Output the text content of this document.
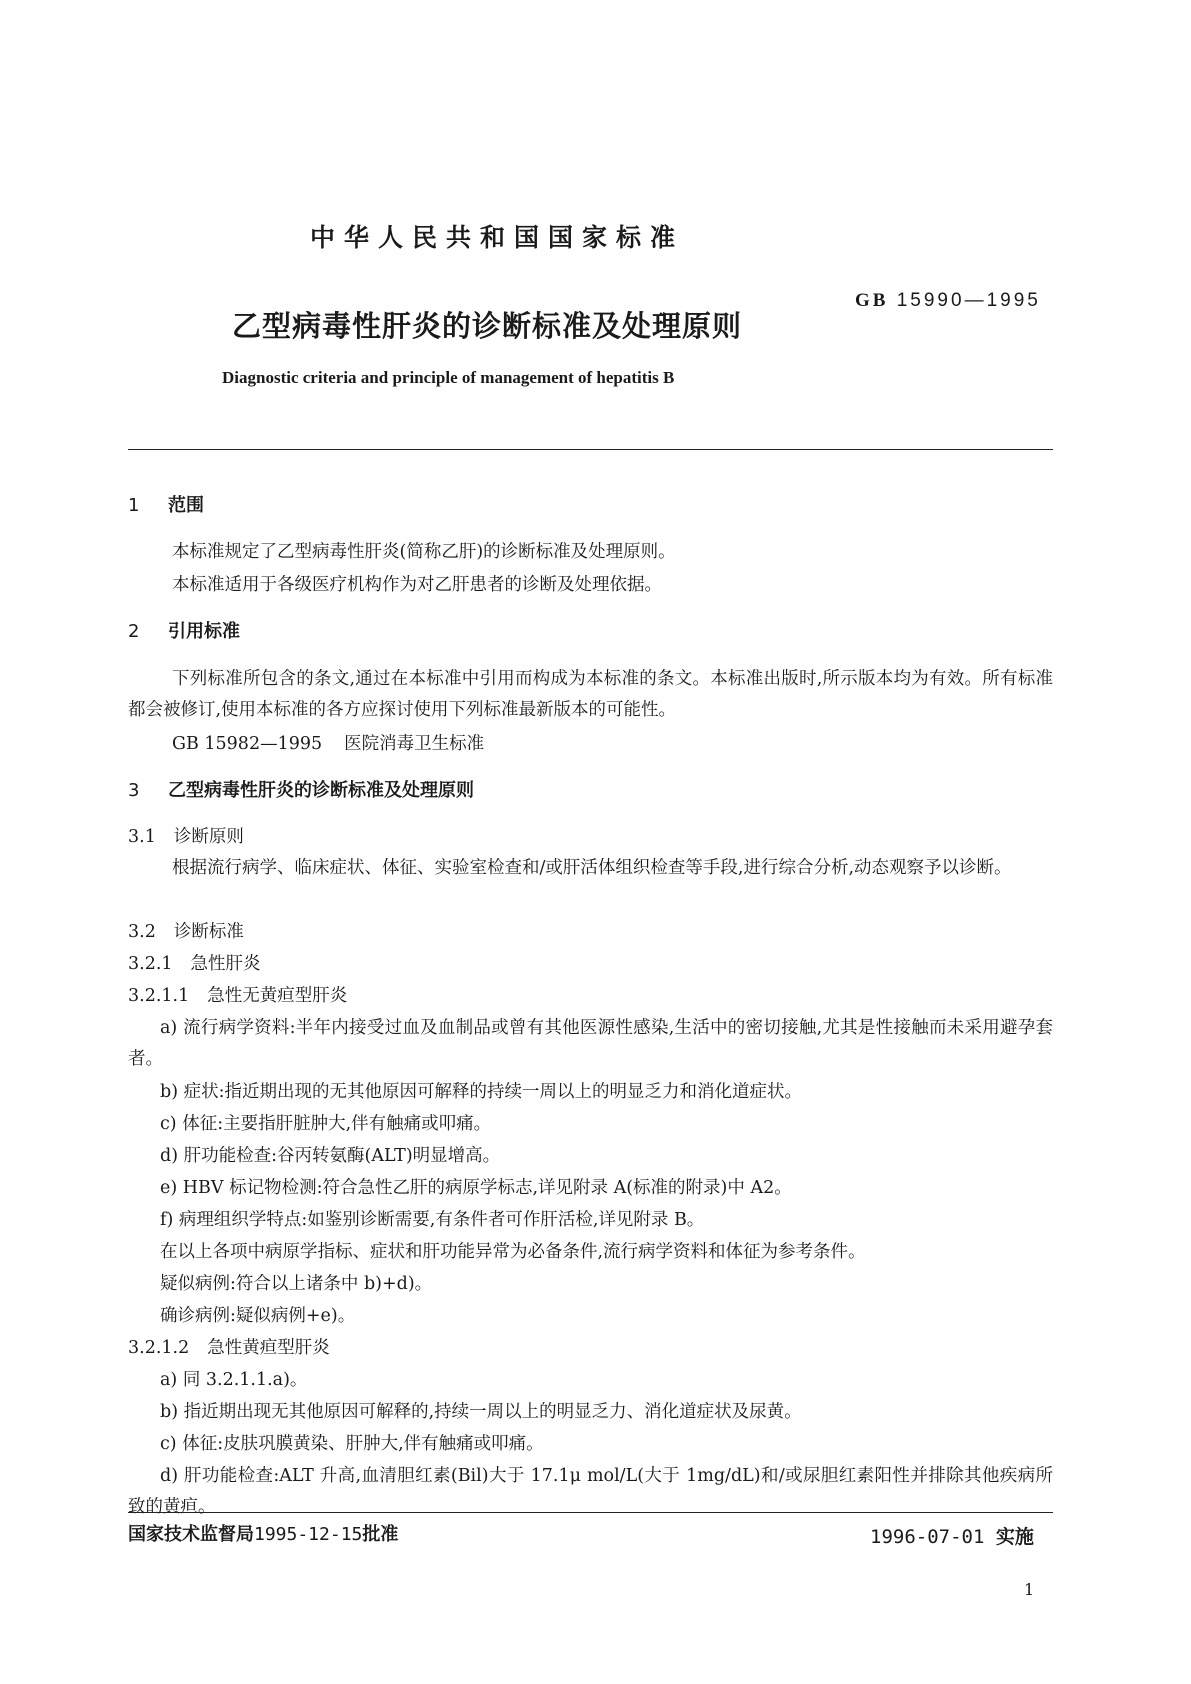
中华人民共和国国家标准
GB 15990—1995
乙型病毒性肝炎的诊断标准及处理原则
Diagnostic criteria and principle of management of hepatitis B
1 范围
本标准规定了乙型病毒性肝炎(简称乙肝)的诊断标准及处理原则。
本标准适用于各级医疗机构作为对乙肝患者的诊断及处理依据。
2 引用标准
下列标准所包含的条文,通过在本标准中引用而构成为本标准的条文。本标准出版时,所示版本均为有效。所有标准都会被修订,使用本标准的各方应探讨使用下列标准最新版本的可能性。
GB 15982—1995 医院消毒卫生标准
3 乙型病毒性肝炎的诊断标准及处理原则
3.1 诊断原则
根据流行病学、临床症状、体征、实验室检查和/或肝活体组织检查等手段,进行综合分析,动态观察予以诊断。
3.2 诊断标准
3.2.1 急性肝炎
3.2.1.1 急性无黄疸型肝炎
a) 流行病学资料:半年内接受过血及血制品或曾有其他医源性感染,生活中的密切接触,尤其是性接触而未采用避孕套者。
b) 症状:指近期出现的无其他原因可解释的持续一周以上的明显乏力和消化道症状。
c) 体征:主要指肝脏肿大,伴有触痛或叩痛。
d) 肝功能检查:谷丙转氨酶(ALT)明显增高。
e) HBV 标记物检测:符合急性乙肝的病原学标志,详见附录 A(标准的附录)中 A2。
f) 病理组织学特点:如鉴别诊断需要,有条件者可作肝活检,详见附录 B。
在以上各项中病原学指标、症状和肝功能异常为必备条件,流行病学资料和体征为参考条件。
疑似病例:符合以上诸条中 b)+d)。
确诊病例:疑似病例+e)。
3.2.1.2 急性黄疸型肝炎
a) 同 3.2.1.1.a)。
b) 指近期出现无其他原因可解释的,持续一周以上的明显乏力、消化道症状及尿黄。
c) 体征:皮肤巩膜黄染、肝肿大,伴有触痛或叩痛。
d) 肝功能检查:ALT 升高,血清胆红素(Bil)大于 17.1μ mol/L(大于 1mg/dL)和/或尿胆红素阳性并排除其他疾病所致的黄疸。
国家技术监督局1995-12-15批准	1996-07-01 实施
1
